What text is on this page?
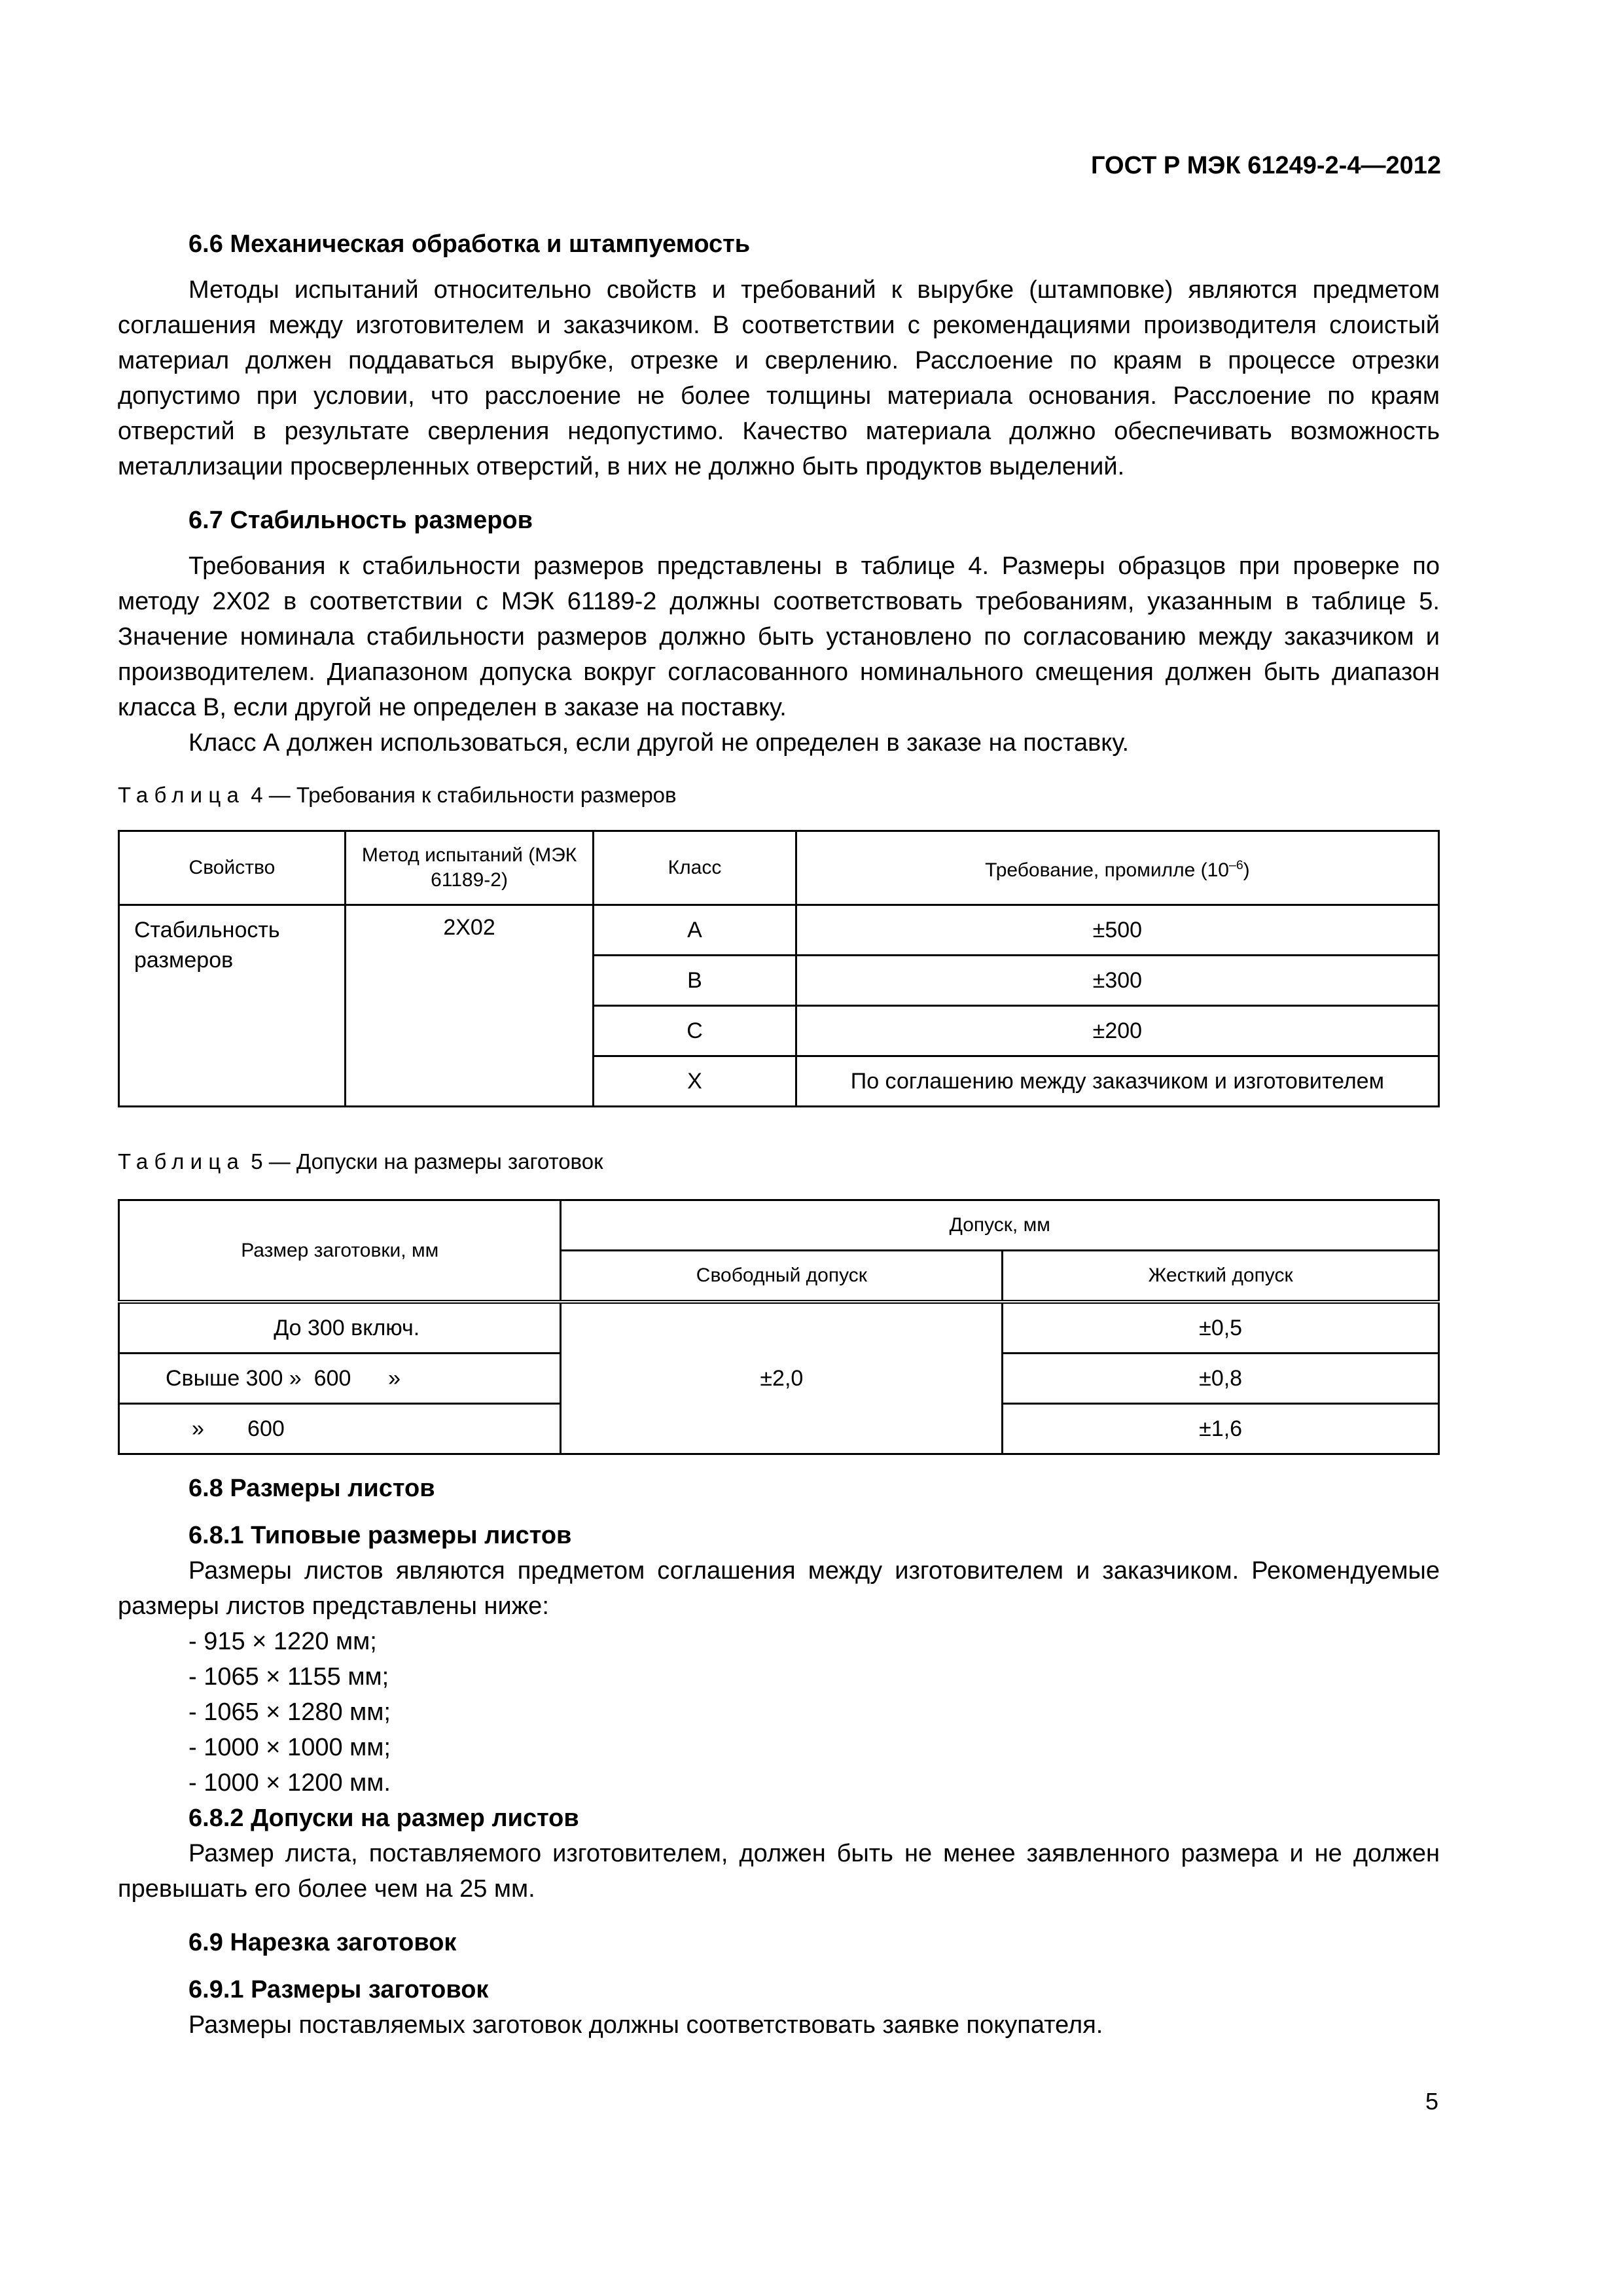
ГОСТ Р МЭК 61249-2-4—2012

6.6 Механическая обработка и штампуемость

Методы испытаний относительно свойств и требований к вырубке (штамповке) являются предметом соглашения между изготовителем и заказчиком. В соответствии с рекомендациями производителя слоистый материал должен поддаваться вырубке, отрезке и сверлению. Расслоение по краям в процессе отрезки допустимо при условии, что расслоение не более толщины материала основания. Расслоение по краям отверстий в результате сверления недопустимо. Качество материала должно обеспечивать возможность металлизации просверленных отверстий, в них не должно быть продуктов выделений.

6.7 Стабильность размеров

Требования к стабильности размеров представлены в таблице 4. Размеры образцов при проверке по методу 2X02 в соответствии с МЭК 61189-2 должны соответствовать требованиям, указанным в таблице 5. Значение номинала стабильности размеров должно быть установлено по согласованию между заказчиком и производителем. Диапазоном допуска вокруг согласованного номинального смещения должен быть диапазон класса В, если другой не определен в заказе на поставку.

Класс А должен использоваться, если другой не определен в заказе на поставку.

Таблица 4 — Требования к стабильности размеров

Свойство	Метод испытаний (МЭК 61189-2)	Класс	Требование, промилле $(10^{-6})$
Стабильность размеров	2X02	A	±500
		B	±300
		C	±200
		X	По соглашению между заказчиком и изготовителем

Таблица 5 — Допуски на размеры заготовок

Размер заготовки, мм	Допуск, мм	
	Свободный допуск	Жесткий допуск
До 300 включ.	±2,0	±0,5
Свыше 300 »  600      »		±0,8
»       600		±1,6

6.8 Размеры листов

6.8.1 Типовые размеры листов

Размеры листов являются предметом соглашения между изготовителем и заказчиком. Рекомендуемые размеры листов представлены ниже:

- 915 × 1220 мм;
- 1065 × 1155 мм;
- 1065 × 1280 мм;
- 1000 × 1000 мм;
- 1000 × 1200 мм.

6.8.2 Допуски на размер листов

Размер листа, поставляемого изготовителем, должен быть не менее заявленного размера и не должен превышать его более чем на 25 мм.

6.9 Нарезка заготовок

6.9.1 Размеры заготовок

Размеры поставляемых заготовок должны соответствовать заявке покупателя.

5
